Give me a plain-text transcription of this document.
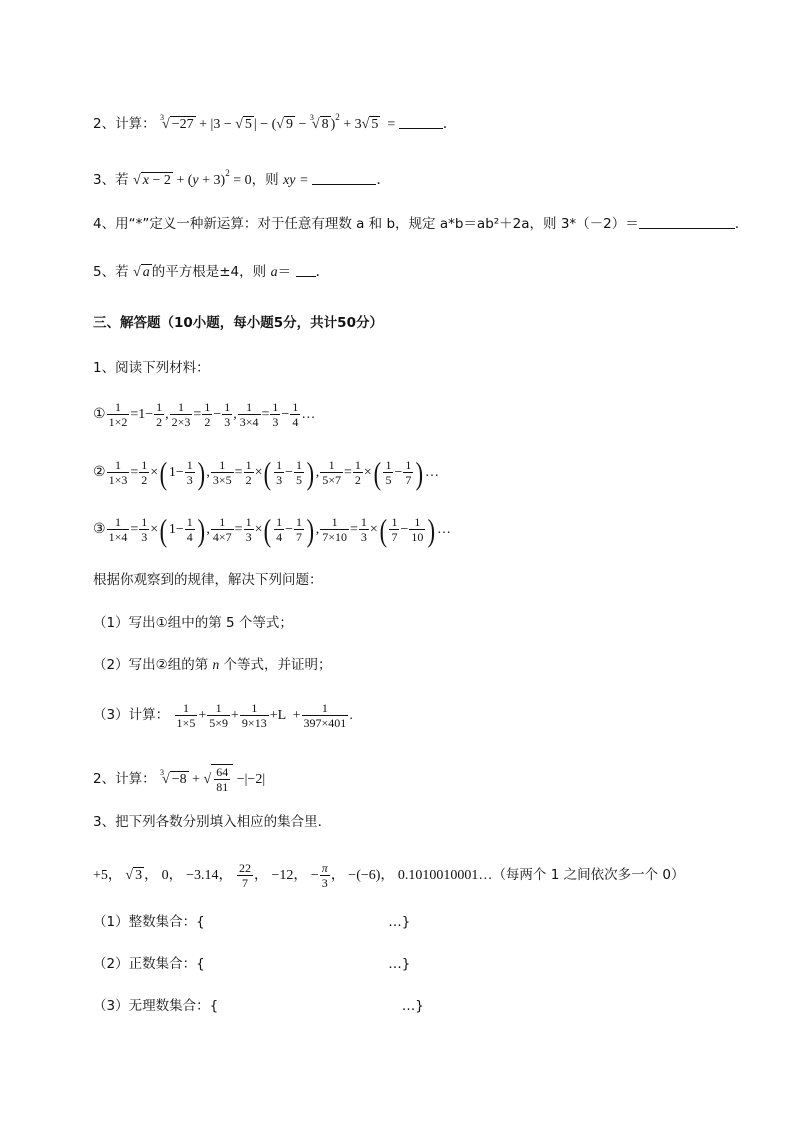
2、计算： $^3$√ −27 + |3 − √ 5 | − (√ 9 − $^3$√ 8 )$^2$ + 3√ 5  =	.
3、若 √ $x - 2 + (y + 3)^2 = 0$，则 xy =	.
4、用“*”定义一种新运算：对于任意有理数 a 和 b，规定 a*b＝ab²＋2a，则 3*（－2）＝	.
5、若 √ a 的平方根是±4，则 a＝ .
三、解答题（10小题，每小题5分，共计50分）
1、阅读下列材料：
① $\frac{1}{1\times 2} =1- \frac{1}{2}$ , $\frac{1}{2\times 3} = \frac{1}{2} - \frac{1}{3}$ , $\frac{1}{3\times 4} = \frac{1}{3} - \frac{1}{4}$ …
② $\frac{1}{1\times 3} = \frac{1}{2}$ ×( $1- \frac{1}{3}$ ) , $\frac{1}{3\times 5} = \frac{1}{2}$ ×( $\frac{1}{3} - \frac{1}{5}$ ) , $\frac{1}{5\times 7} = \frac{1}{2}$ ×( $\frac{1}{5} - \frac{1}{7}$ ) …
③ $\frac{1}{1\times 4} = \frac{1}{3}$ ×( $1- \frac{1}{4}$ ) , $\frac{1}{4\times 7} = \frac{1}{3}$ ×( $\frac{1}{4} - \frac{1}{7}$ ) , $\frac{1}{7\times 10} = \frac{1}{3}$ ×( $\frac{1}{7} - \frac{1}{10}$ ) …
根据你观察到的规律，解决下列问题：
（1）写出①组中的第 5 个等式；
（2）写出②组的第 n 个等式，并证明；
（3）计算： $\frac{1}{1\times 5} + \frac{1}{5\times 9} + \frac{1}{9\times 13} +L + \frac{1}{397\times 401}$ .
2、计算： $^3$√ −8 + √ $\frac{64}{81} -|-2|$
3、把下列各数分别填入相应的集合里．
+5， √ 3 ， 0， −3.14， $\frac{22}{7}$ ， −12， − $\frac{\pi}{3}$ ， −(−6)， 0.1010010001…（每两个 1 之间依次多一个 0）
（1）整数集合：{	…}
（2）正数集合：{	…}
（3）无理数集合：{	…}
